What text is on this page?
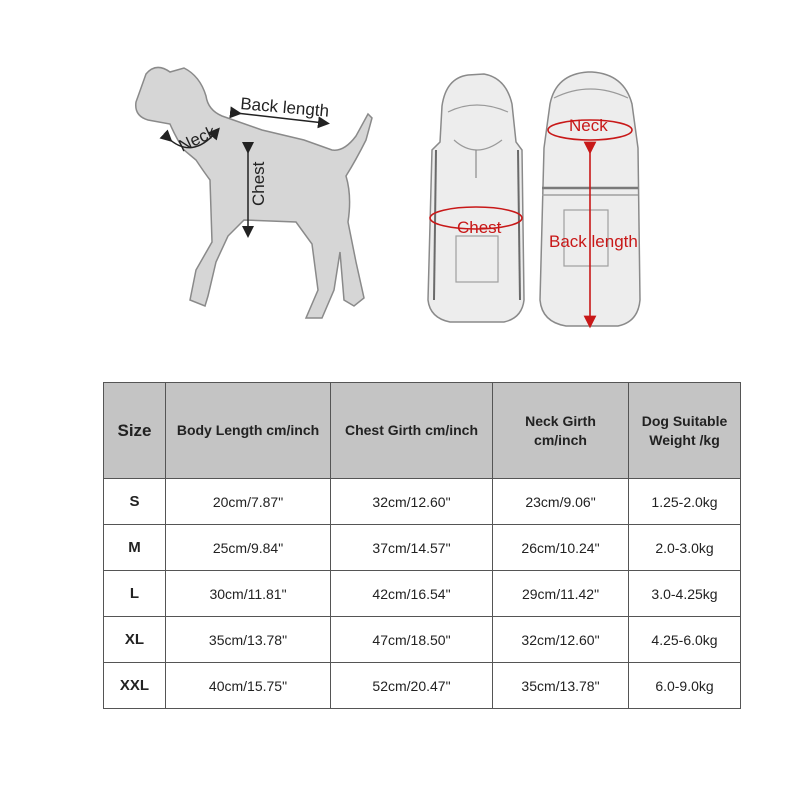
Back length
Neck
Chest
Chest
Neck
Back length
Size	Body Length cm/inch	Chest Girth cm/inch	Neck Girth cm/inch	Dog Suitable Weight /kg
S	20cm/7.87"	32cm/12.60"	23cm/9.06"	1.25-2.0kg
M	25cm/9.84"	37cm/14.57"	26cm/10.24"	2.0-3.0kg
L	30cm/11.81"	42cm/16.54"	29cm/11.42"	3.0-4.25kg
XL	35cm/13.78"	47cm/18.50"	32cm/12.60"	4.25-6.0kg
XXL	40cm/15.75"	52cm/20.47"	35cm/13.78"	6.0-9.0kg
